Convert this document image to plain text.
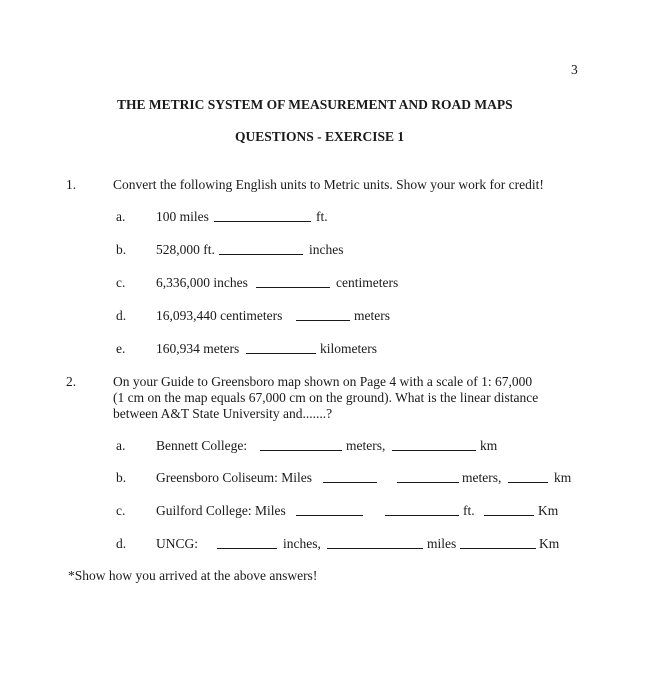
3
THE METRIC SYSTEM OF MEASUREMENT AND ROAD MAPS
QUESTIONS - EXERCISE 1
1.	Convert the following English units to Metric units. Show your work for credit!
a. 100 miles	ft.
b. 528,000 ft.	inches
c. 6,336,000 inches	centimeters
d. 16,093,440 centimeters	meters
e. 160,934 meters	kilometers
2.	On your Guide to Greensboro map shown on Page 4 with a scale of 1: 67,000
(1 cm on the map equals 67,000 cm on the ground). What is the linear distance
between A&T State University and.......?
a. Bennett College:	meters,	km
b. Greensboro Coliseum: Miles	meters,	km
c. Guilford College: Miles	ft.	Km
d. UNCG:	inches,	miles	Km
*Show how you arrived at the above answers!
